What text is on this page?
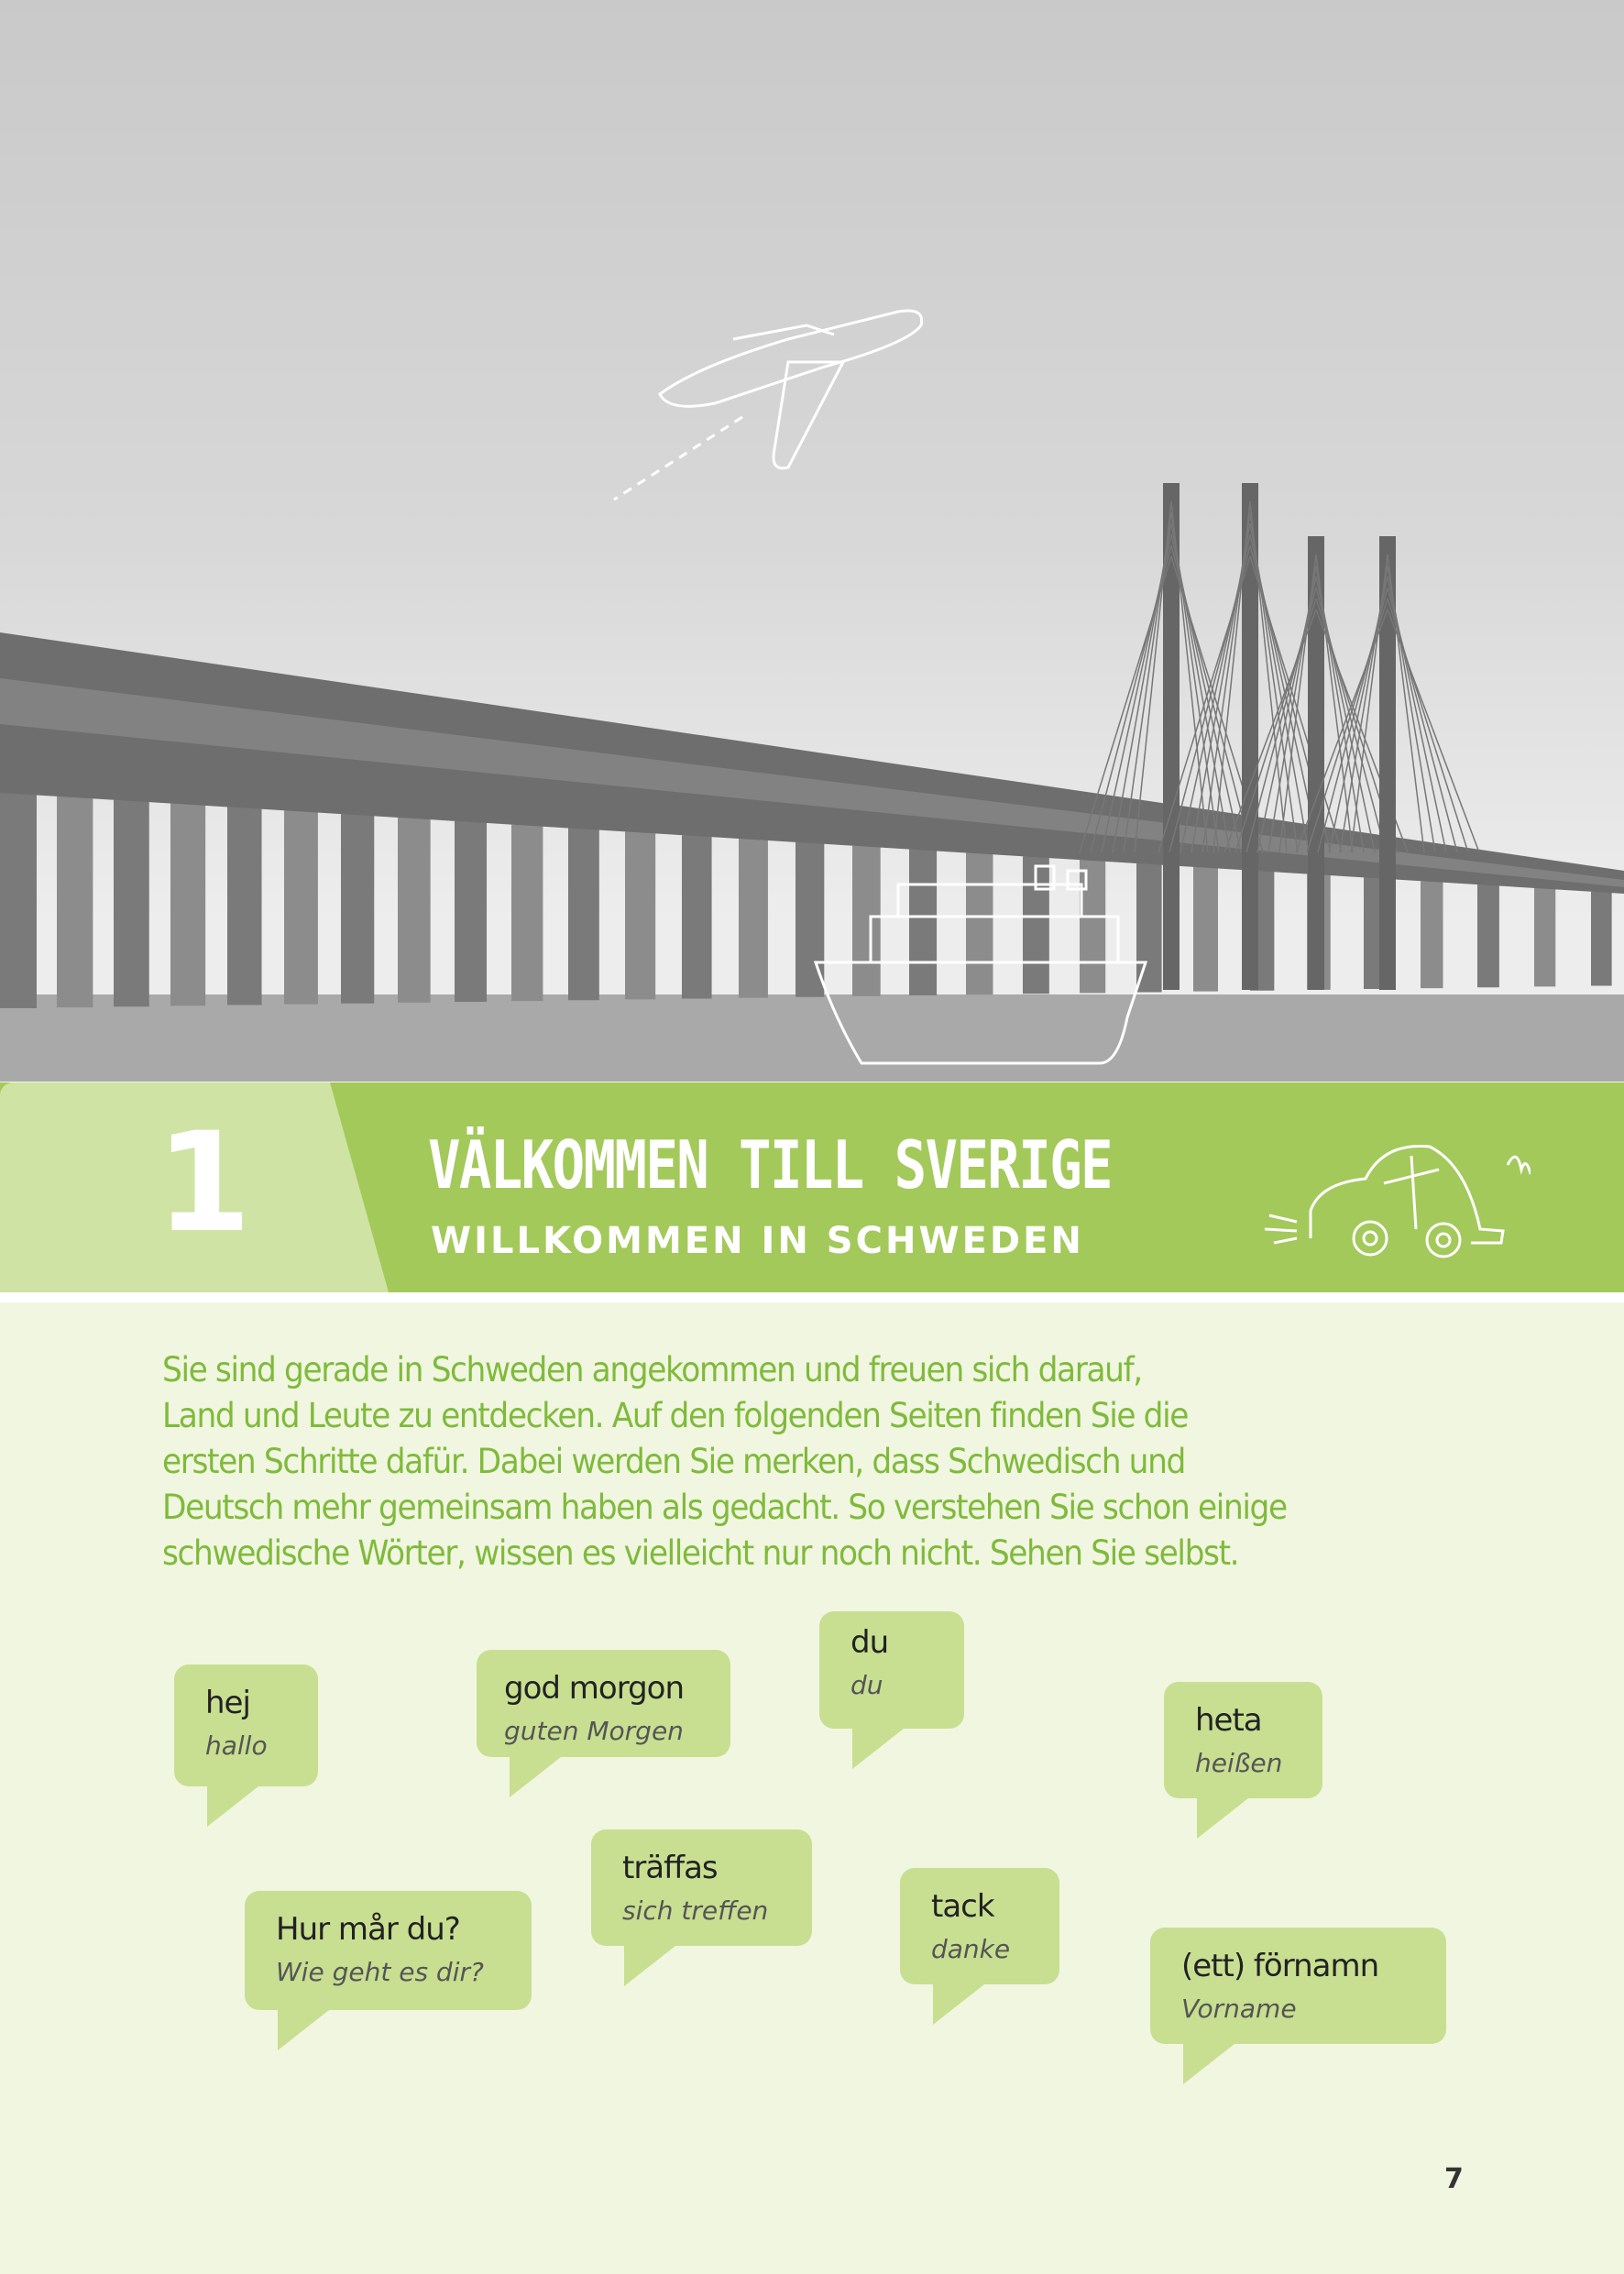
1	VÄLKOMMEN TILL SVERIGE
WILLKOMMEN IN SCHWEDEN
Sie sind gerade in Schweden angekommen und freuen sich darauf,
Land und Leute zu entdecken. Auf den folgenden Seiten finden Sie die
ersten Schritte dafür. Dabei werden Sie merken, dass Schwedisch und
Deutsch mehr gemeinsam haben als gedacht. So verstehen Sie schon einige
schwedische Wörter, wissen es vielleicht nur noch nicht. Sehen Sie selbst.
hej
hallo
god morgon
guten Morgen
du
du
heta
heißen
träffas
sich treffen
Hur mår du?
Wie geht es dir?
tack
danke	(ett) förnamn
Vorname
7
